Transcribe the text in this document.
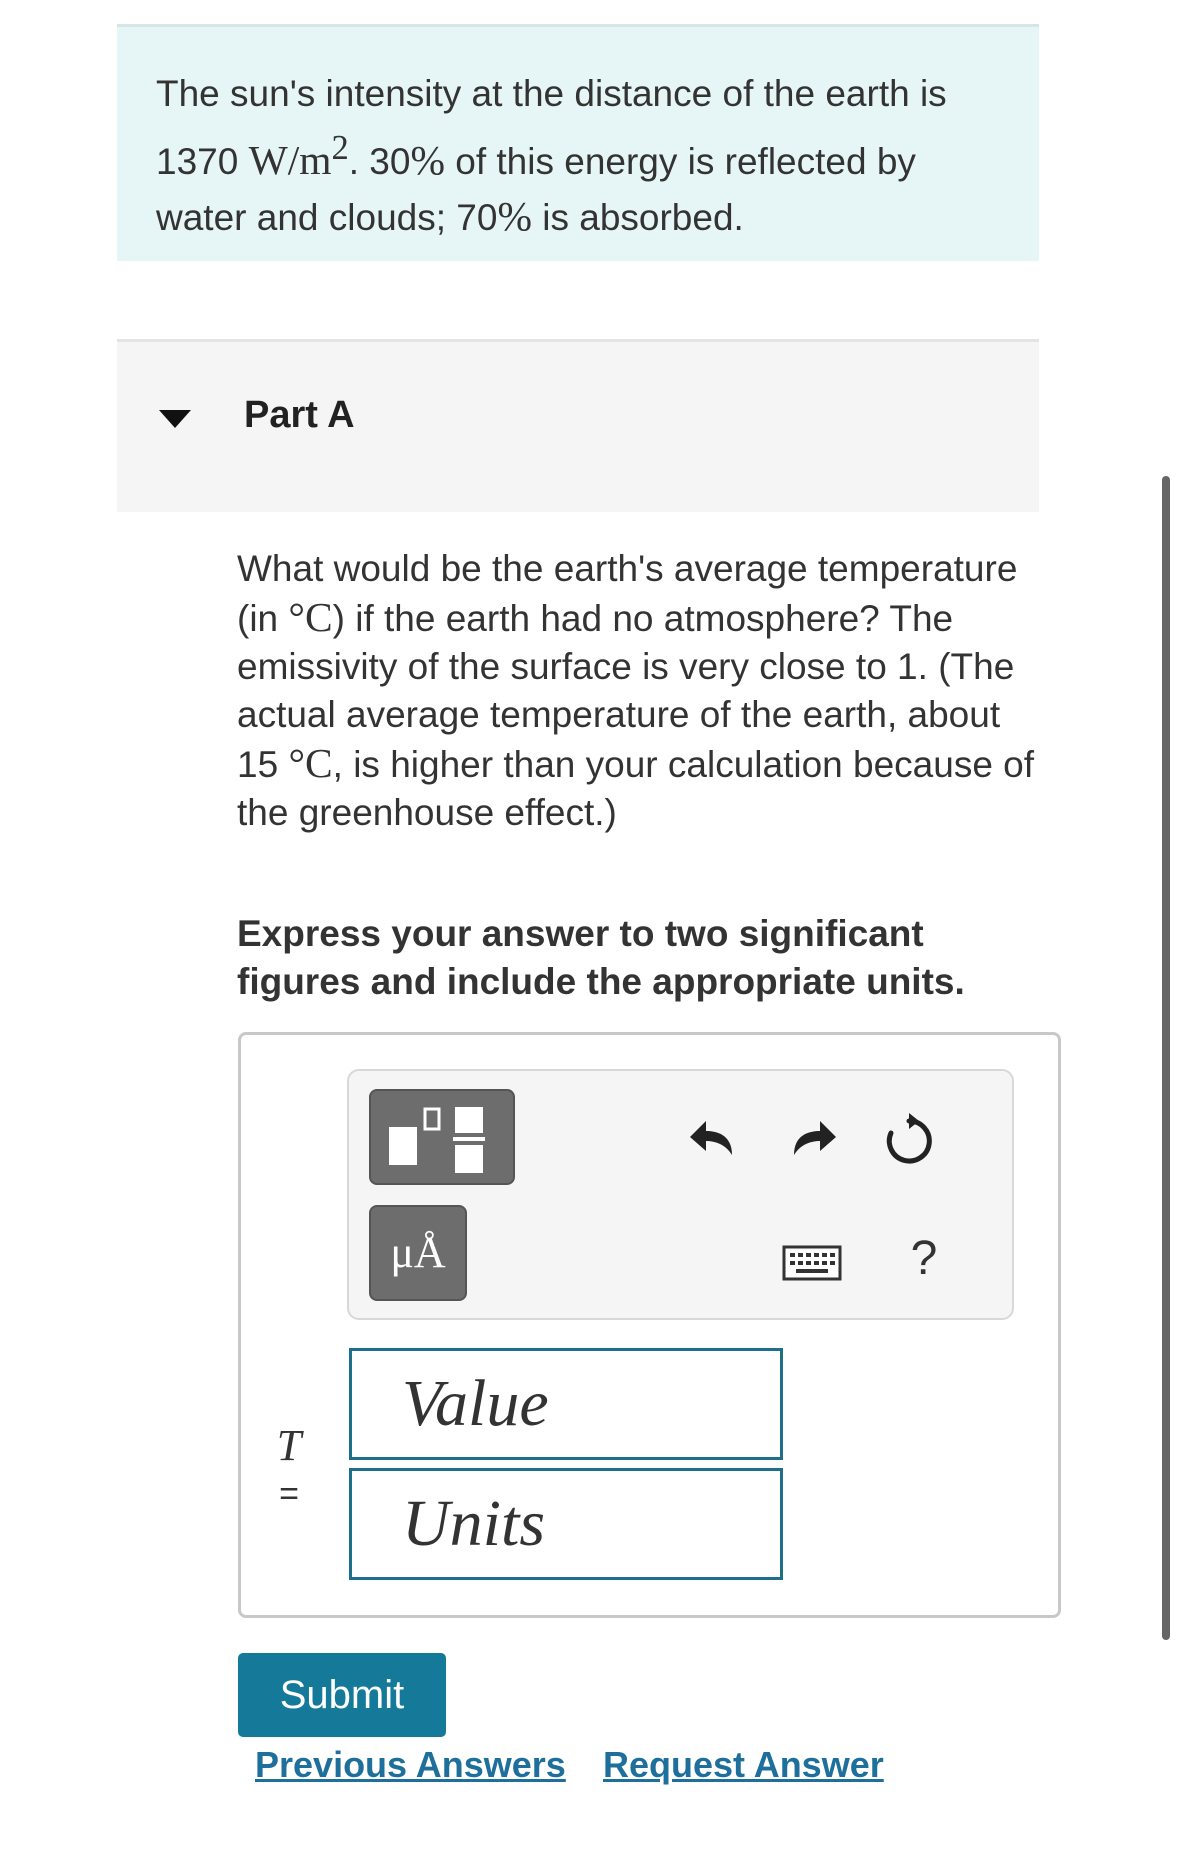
The sun's intensity at the distance of the earth is 1370 $W/m^2$. 30% of this energy is reflected by water and clouds; 70% is absorbed.

Part A

What would be the earth's average temperature (in °C) if the earth had no atmosphere? The emissivity of the surface is very close to 1. (The actual average temperature of the earth, about 15 °C, is higher than your calculation because of the greenhouse effect.)

Express your answer to two significant figures and include the appropriate units.

μÅ	?
T
=
Value
Units
Submit
Previous Answers Request Answer
